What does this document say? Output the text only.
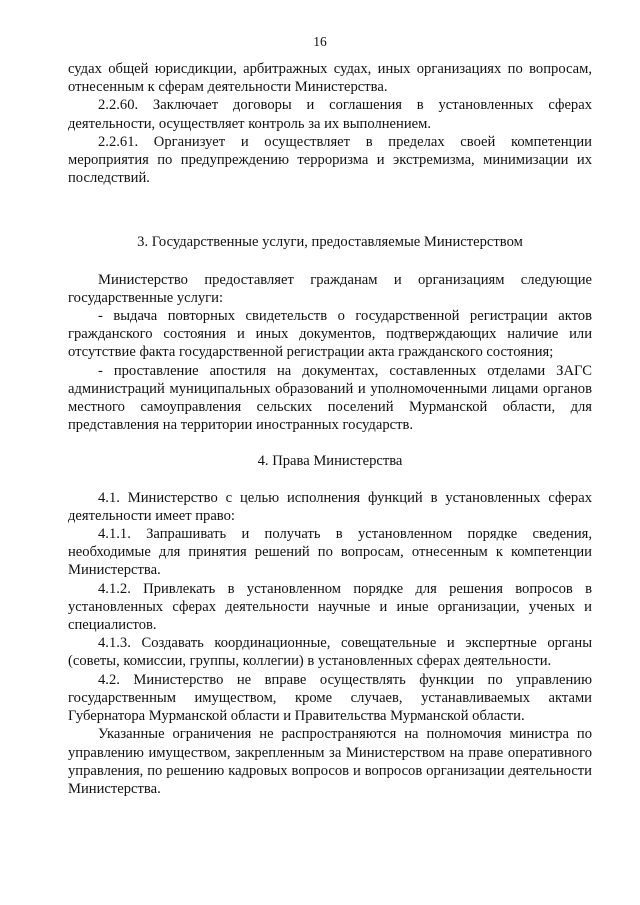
16

судах общей юрисдикции, арбитражных судах, иных организациях по вопросам, отнесенным к сферам деятельности Министерства.

2.2.60. Заключает договоры и соглашения в установленных сферах деятельности, осуществляет контроль за их выполнением.

2.2.61. Организует и осуществляет в пределах своей компетенции мероприятия по предупреждению терроризма и экстремизма, минимизации их последствий.

3. Государственные услуги, предоставляемые Министерством

Министерство предоставляет гражданам и организациям следующие государственные услуги:

- выдача повторных свидетельств о государственной регистрации актов гражданского состояния и иных документов, подтверждающих наличие или отсутствие факта государственной регистрации акта гражданского состояния;

- проставление апостиля на документах, составленных отделами ЗАГС администраций муниципальных образований и уполномоченными лицами органов местного самоуправления сельских поселений Мурманской области, для представления на территории иностранных государств.

4. Права Министерства

4.1. Министерство с целью исполнения функций в установленных сферах деятельности имеет право:

4.1.1. Запрашивать и получать в установленном порядке сведения, необходимые для принятия решений по вопросам, отнесенным к компетенции Министерства.

4.1.2. Привлекать в установленном порядке для решения вопросов в установленных сферах деятельности научные и иные организации, ученых и специалистов.

4.1.3. Создавать координационные, совещательные и экспертные органы (советы, комиссии, группы, коллегии) в установленных сферах деятельности.

4.2. Министерство не вправе осуществлять функции по управлению государственным имуществом, кроме случаев, устанавливаемых актами Губернатора Мурманской области и Правительства Мурманской области.

Указанные ограничения не распространяются на полномочия министра по управлению имуществом, закрепленным за Министерством на праве оперативного управления, по решению кадровых вопросов и вопросов организации деятельности Министерства.
